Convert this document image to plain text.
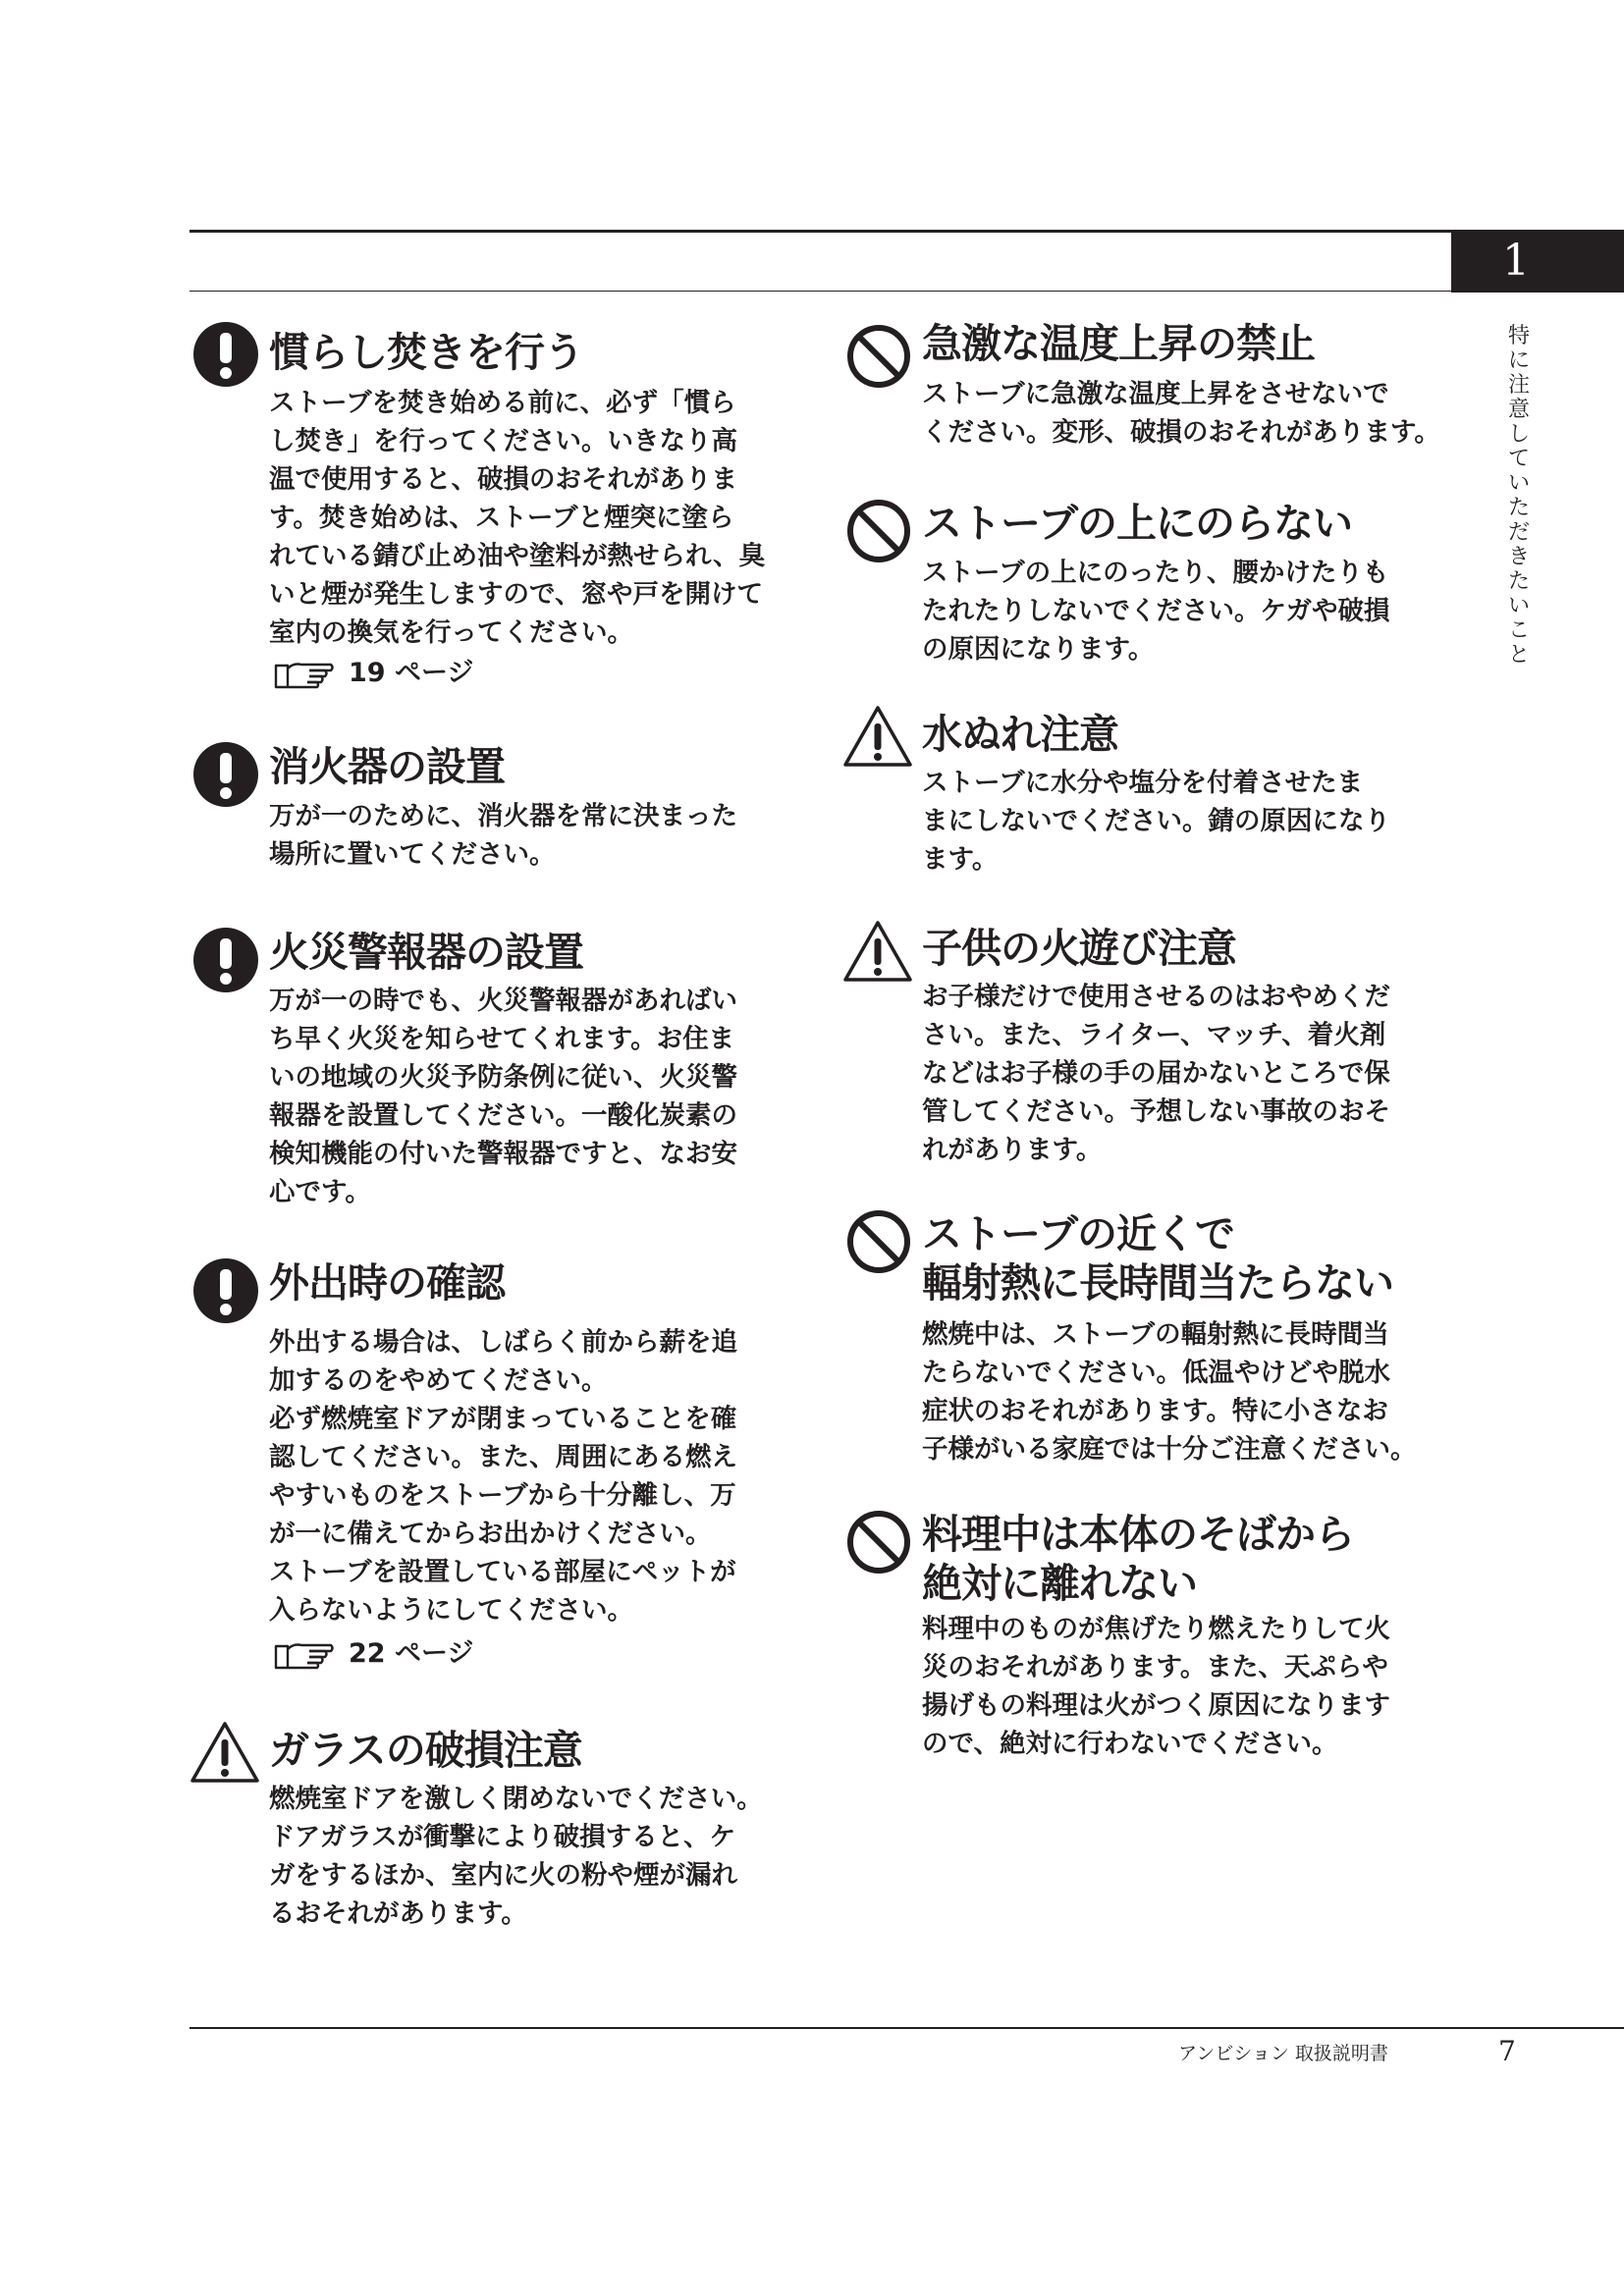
1
特に注意していただきたいこと
慣らし焚きを行う
ストーブを焚き始める前に、必ず「慣ら
し焚き」を行ってください。いきなり高
温で使用すると、破損のおそれがありま
す。焚き始めは、ストーブと煙突に塗ら
れている錆び止め油や塗料が熱せられ、臭
いと煙が発生しますので、窓や戸を開けて
室内の換気を行ってください。
19 ページ
消火器の設置
万が一のために、消火器を常に決まった
場所に置いてください。
火災警報器の設置
万が一の時でも、火災警報器があればい
ち早く火災を知らせてくれます。お住ま
いの地域の火災予防条例に従い、火災警
報器を設置してください。一酸化炭素の
検知機能の付いた警報器ですと、なお安
心です。
外出時の確認
外出する場合は、しばらく前から薪を追
加するのをやめてください。
必ず燃焼室ドアが閉まっていることを確
認してください。また、周囲にある燃え
やすいものをストーブから十分離し、万
が一に備えてからお出かけください。
ストーブを設置している部屋にペットが
入らないようにしてください。
22 ページ
ガラスの破損注意
燃焼室ドアを激しく閉めないでください。
ドアガラスが衝撃により破損すると、ケ
ガをするほか、室内に火の粉や煙が漏れ
るおそれがあります。
急激な温度上昇の禁止
ストーブに急激な温度上昇をさせないで
ください。変形、破損のおそれがあります。
ストーブの上にのらない
ストーブの上にのったり、腰かけたりも
たれたりしないでください。ケガや破損
の原因になります。
水ぬれ注意
ストーブに水分や塩分を付着させたま
まにしないでください。錆の原因になり
ます。
子供の火遊び注意
お子様だけで使用させるのはおやめくだ
さい。また、ライター、マッチ、着火剤
などはお子様の手の届かないところで保
管してください。予想しない事故のおそ
れがあります。
ストーブの近くで
輻射熱に長時間当たらない
燃焼中は、ストーブの輻射熱に長時間当
たらないでください。低温やけどや脱水
症状のおそれがあります。特に小さなお
子様がいる家庭では十分ご注意ください。
料理中は本体のそばから
絶対に離れない
料理中のものが焦げたり燃えたりして火
災のおそれがあります。また、天ぷらや
揚げもの料理は火がつく原因になります
ので、絶対に行わないでください。
アンビション 取扱説明書	7
